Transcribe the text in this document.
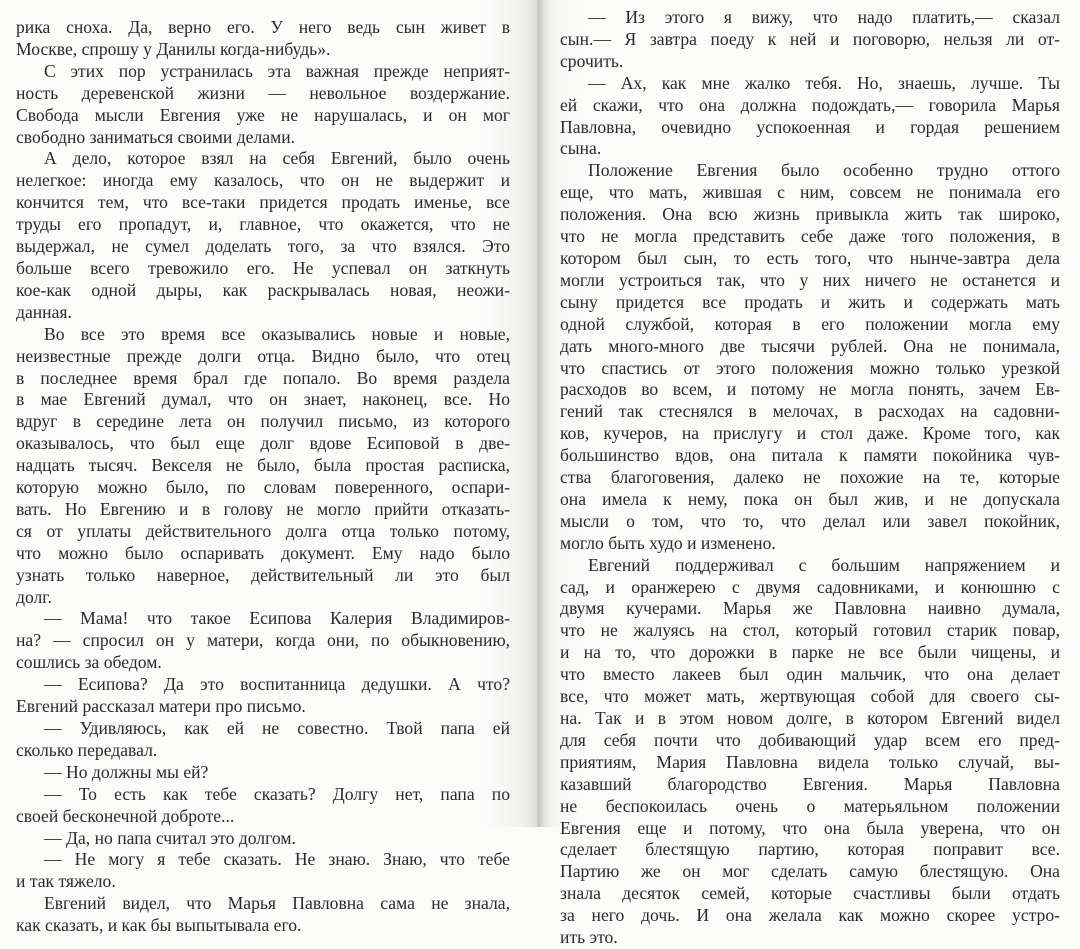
рика сноха. Да, верно его. У него ведь сын живет в
Москве, спрошу у Данилы когда-нибудь».

С этих пор устранилась эта важная прежде неприят-
ность деревенской жизни — невольное воздержание.
Свобода мысли Евгения уже не нарушалась, и он мог
свободно заниматься своими делами.

А дело, которое взял на себя Евгений, было очень
нелегкое: иногда ему казалось, что он не выдержит и
кончится тем, что все-таки придется продать именье, все
труды его пропадут, и, главное, что окажется, что не
выдержал, не сумел доделать того, за что взялся. Это
больше всего тревожило его. Не успевал он заткнуть
кое-как одной дыры, как раскрывалась новая, неожи-
данная.

Во все это время все оказывались новые и новые,
неизвестные прежде долги отца. Видно было, что отец
в последнее время брал где попало. Во время раздела
в мае Евгений думал, что он знает, наконец, все. Но
вдруг в середине лета он получил письмо, из которого
оказывалось, что был еще долг вдове Есиповой в две-
надцать тысяч. Векселя не было, была простая расписка,
которую можно было, по словам поверенного, оспари-
вать. Но Евгению и в голову не могло прийти отказать-
ся от уплаты действительного долга отца только потому,
что можно было оспаривать документ. Ему надо было
узнать только наверное, действительный ли это был
долг.

— Мама! что такое Есипова Калерия Владимиров-
на? — спросил он у матери, когда они, по обыкновению,
сошлись за обедом.

— Есипова? Да это воспитанница дедушки. А что?
Евгений рассказал матери про письмо.

— Удивляюсь, как ей не совестно. Твой папа ей
сколько передавал.

— Но должны мы ей?

— То есть как тебе сказать? Долгу нет, папа по
своей бесконечной доброте...

— Да, но папа считал это долгом.

— Не могу я тебе сказать. Не знаю. Знаю, что тебе
и так тяжело.

Евгений видел, что Марья Павловна сама не знала,
как сказать, и как бы выпытывала его.

— Из этого я вижу, что надо платить,— сказал
сын.— Я завтра поеду к ней и поговорю, нельзя ли от-
срочить.

— Ах, как мне жалко тебя. Но, знаешь, лучше. Ты
ей скажи, что она должна подождать,— говорила Марья
Павловна, очевидно успокоенная и гордая решением
сына.

Положение Евгения было особенно трудно оттого
еще, что мать, жившая с ним, совсем не понимала его
положения. Она всю жизнь привыкла жить так широко,
что не могла представить себе даже того положения, в
котором был сын, то есть того, что нынче-завтра дела
могли устроиться так, что у них ничего не останется и
сыну придется все продать и жить и содержать мать
одной службой, которая в его положении могла ему
дать много-много две тысячи рублей. Она не понимала,
что спастись от этого положения можно только урезкой
расходов во всем, и потому не могла понять, зачем Ев-
гений так стеснялся в мелочах, в расходах на садовни-
ков, кучеров, на прислугу и стол даже. Кроме того, как
большинство вдов, она питала к памяти покойника чув-
ства благоговения, далеко не похожие на те, которые
она имела к нему, пока он был жив, и не допускала
мысли о том, что то, что делал или завел покойник,
могло быть худо и изменено.

Евгений поддерживал с большим напряжением и
сад, и оранжерею с двумя садовниками, и конюшню с
двумя кучерами. Марья же Павловна наивно думала,
что не жалуясь на стол, который готовил старик повар,
и на то, что дорожки в парке не все были чищены, и
что вместо лакеев был один мальчик, что она делает
все, что может мать, жертвующая собой для своего сы-
на. Так и в этом новом долге, в котором Евгений видел
для себя почти что добивающий удар всем его пред-
приятиям, Мария Павловна видела только случай, вы-
казавший благородство Евгения. Марья Павловна
не беспокоилась очень о матерьяльном положении
Евгения еще и потому, что она была уверена, что он
сделает блестящую партию, которая поправит все.
Партию же он мог сделать самую блестящую. Она
знала десяток семей, которые счастливы были отдать
за него дочь. И она желала как можно скорее устро-
ить это.
